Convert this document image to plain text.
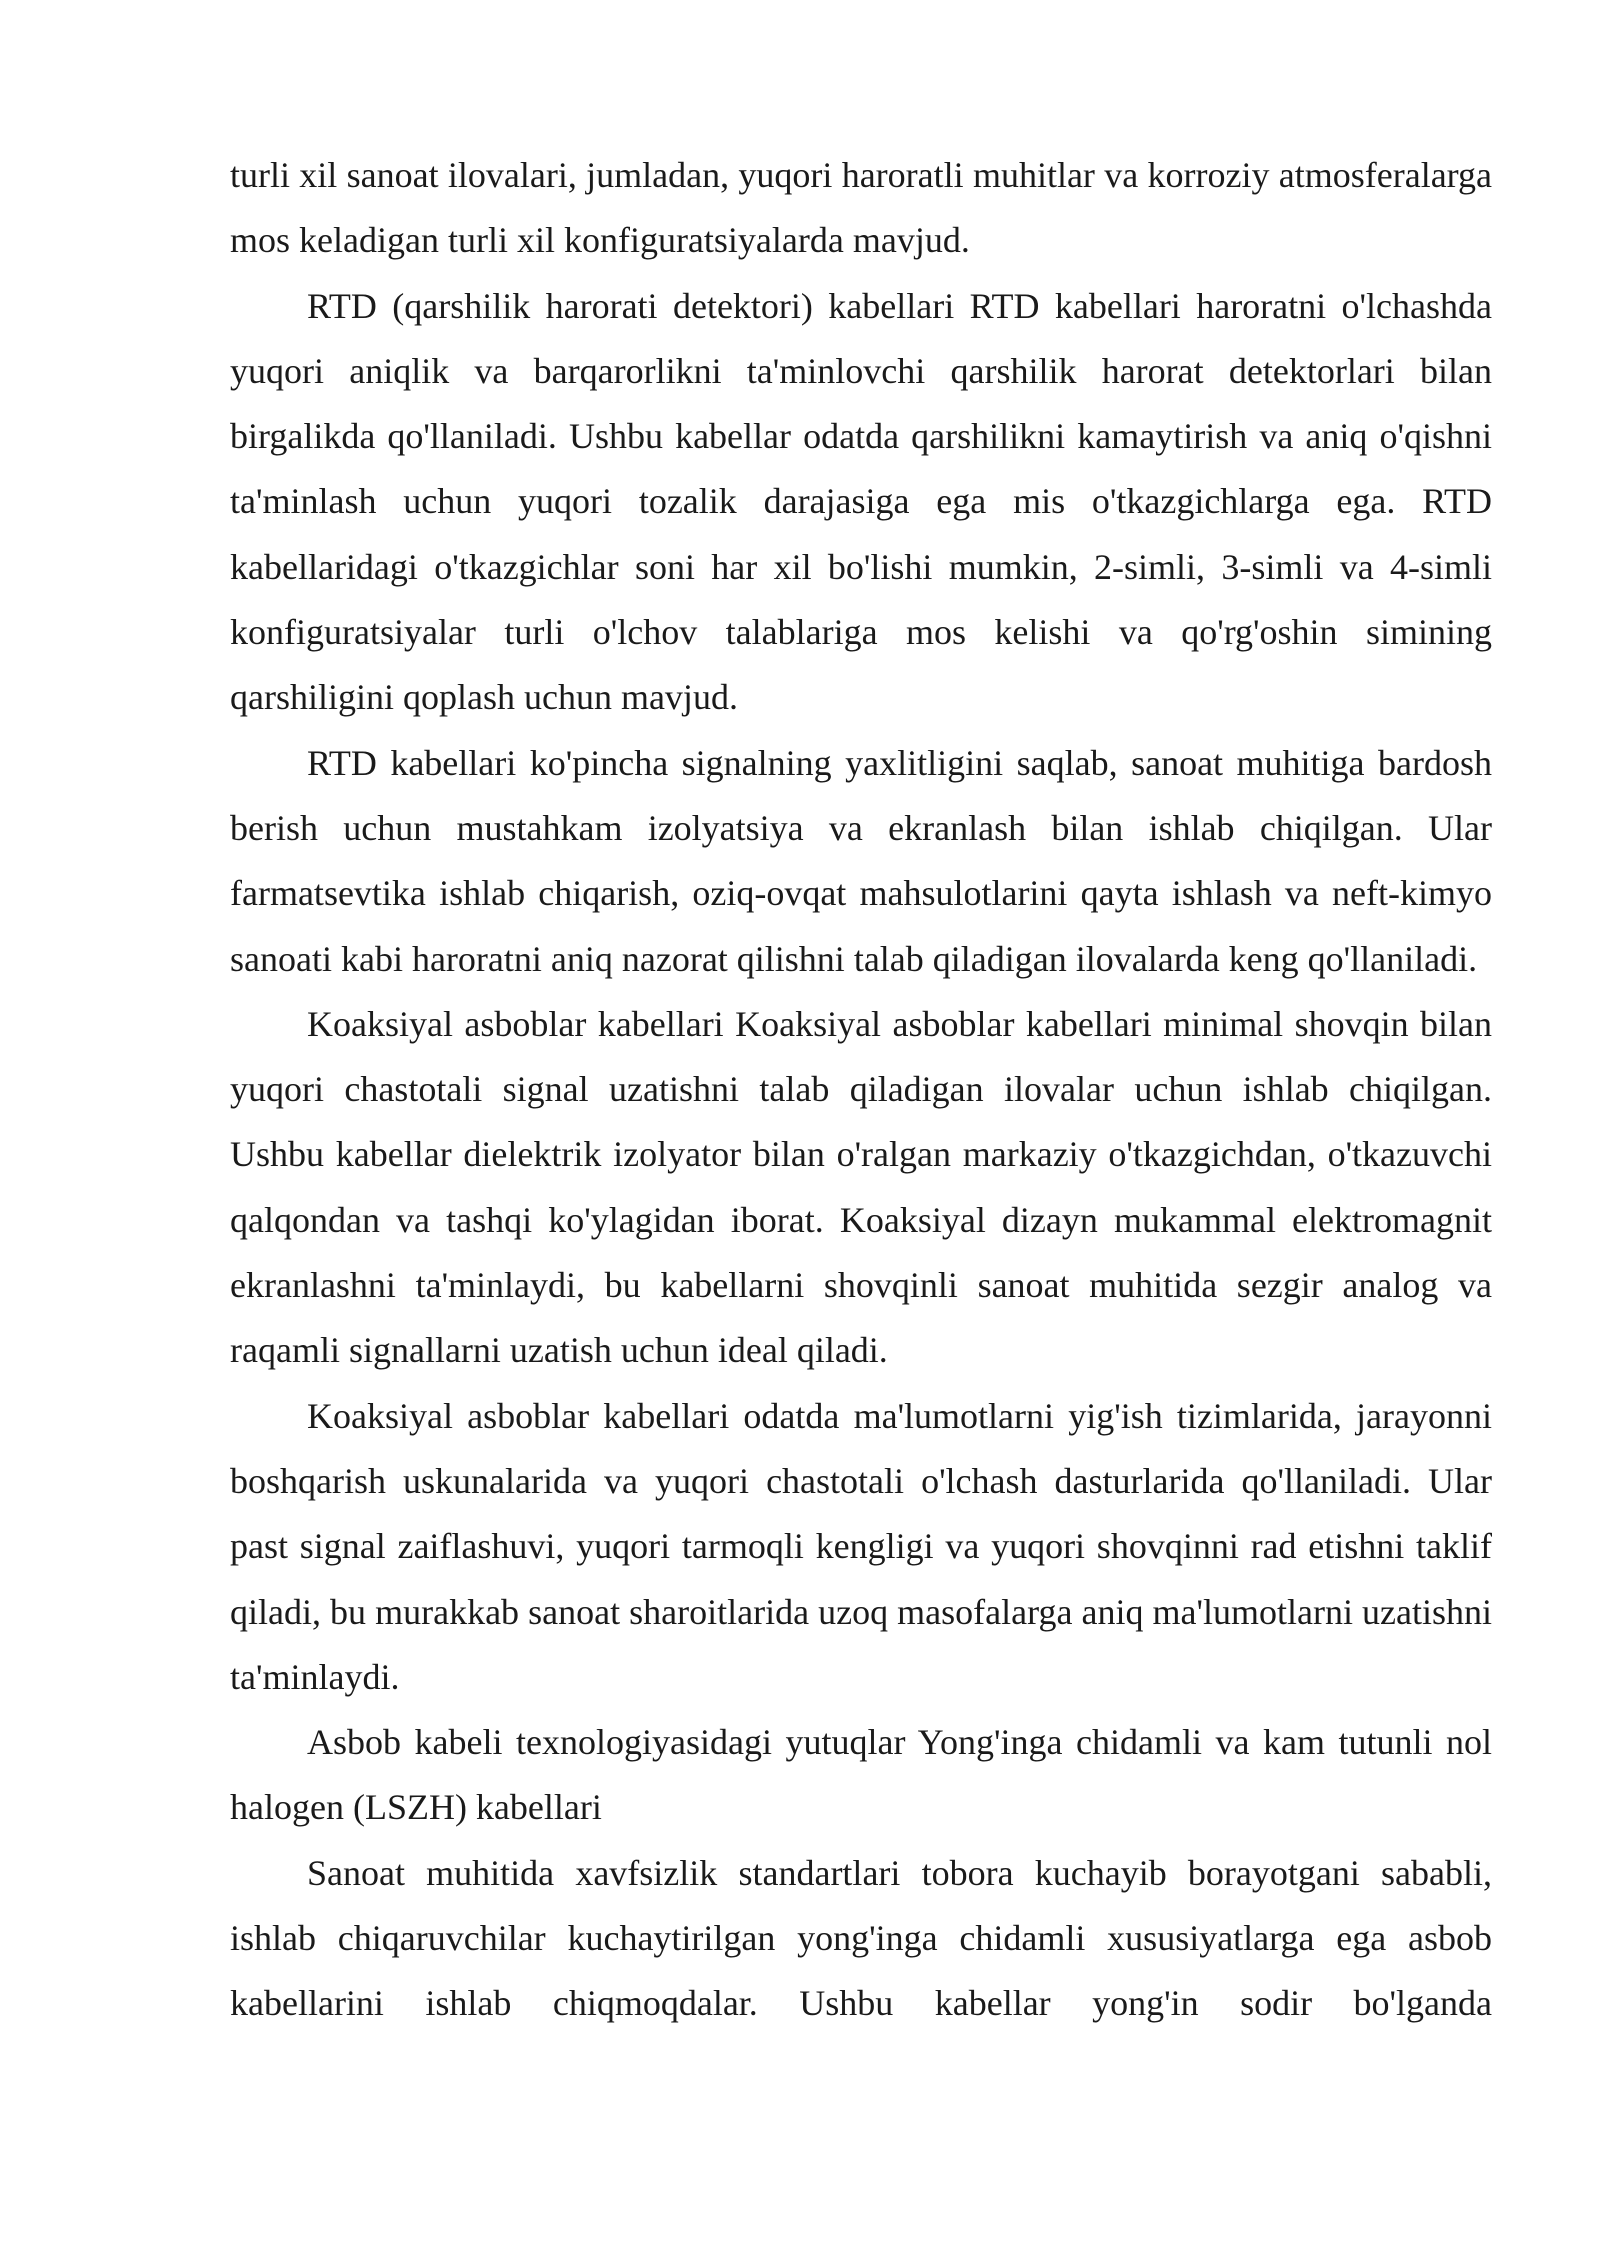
turli xil sanoat ilovalari, jumladan, yuqori haroratli muhitlar va korroziy atmosferalarga mos keladigan turli xil konfiguratsiyalarda mavjud.

RTD (qarshilik harorati detektori) kabellari RTD kabellari haroratni o'lchashda yuqori aniqlik va barqarorlikni ta'minlovchi qarshilik harorat detektorlari bilan birgalikda qo'llaniladi. Ushbu kabellar odatda qarshilikni kamaytirish va aniq o'qishni ta'minlash uchun yuqori tozalik darajasiga ega mis o'tkazgichlarga ega. RTD kabellaridagi o'tkazgichlar soni har xil bo'lishi mumkin, 2-simli, 3-simli va 4-simli konfiguratsiyalar turli o'lchov talablariga mos kelishi va qo'rg'oshin simining qarshiligini qoplash uchun mavjud.

RTD kabellari ko'pincha signalning yaxlitligini saqlab, sanoat muhitiga bardosh berish uchun mustahkam izolyatsiya va ekranlash bilan ishlab chiqilgan. Ular farmatsevtika ishlab chiqarish, oziq-ovqat mahsulotlarini qayta ishlash va neft-kimyo sanoati kabi haroratni aniq nazorat qilishni talab qiladigan ilovalarda keng qo'llaniladi.

Koaksiyal asboblar kabellari Koaksiyal asboblar kabellari minimal shovqin bilan yuqori chastotali signal uzatishni talab qiladigan ilovalar uchun ishlab chiqilgan. Ushbu kabellar dielektrik izolyator bilan o'ralgan markaziy o'tkazgichdan, o'tkazuvchi qalqondan va tashqi ko'ylagidan iborat. Koaksiyal dizayn mukammal elektromagnit ekranlashni ta'minlaydi, bu kabellarni shovqinli sanoat muhitida sezgir analog va raqamli signallarni uzatish uchun ideal qiladi.

Koaksiyal asboblar kabellari odatda ma'lumotlarni yig'ish tizimlarida, jarayonni boshqarish uskunalarida va yuqori chastotali o'lchash dasturlarida qo'llaniladi. Ular past signal zaiflashuvi, yuqori tarmoqli kengligi va yuqori shovqinni rad etishni taklif qiladi, bu murakkab sanoat sharoitlarida uzoq masofalarga aniq ma'lumotlarni uzatishni ta'minlaydi.

Asbob kabeli texnologiyasidagi yutuqlar Yong'inga chidamli va kam tutunli nol halogen (LSZH) kabellari

Sanoat muhitida xavfsizlik standartlari tobora kuchayib borayotgani sababli, ishlab chiqaruvchilar kuchaytirilgan yong'inga chidamli xususiyatlarga ega asbob kabellarini ishlab chiqmoqdalar. Ushbu kabellar yong'in sodir bo'lganda
